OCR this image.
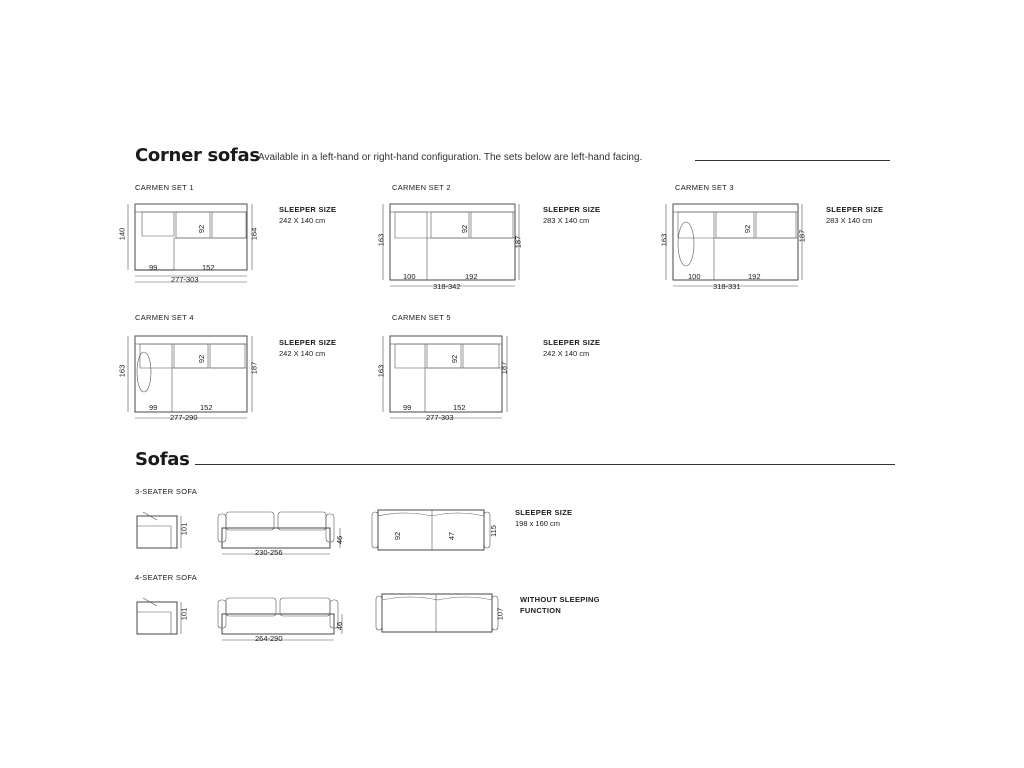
Corner sofas
Available in a left-hand or right-hand configuration. The sets below are left-hand facing.
CARMEN SET 1
140	92	164
99	152
277-303
SLEEPER SIZE
242 X 140 cm
CARMEN SET 2
163
92
187
100	192
318-342
SLEEPER SIZE
283 X 140 cm
CARMEN SET 3
163
92
187
100	192
318-331
SLEEPER SIZE
283 X 140 cm
CARMEN SET 4
163
92
187
99	152
277-290
SLEEPER SIZE
242 X 140 cm
CARMEN SET 5
163
92
187
99	152
277-303
SLEEPER SIZE
242 X 140 cm
Sofas
3-SEATER SOFA
101
46
230-256
92	47	115
SLEEPER SIZE
198 x 160 cm
4-SEATER SOFA
101
46
264-290
107
WITHOUT SLEEPING
FUNCTION
